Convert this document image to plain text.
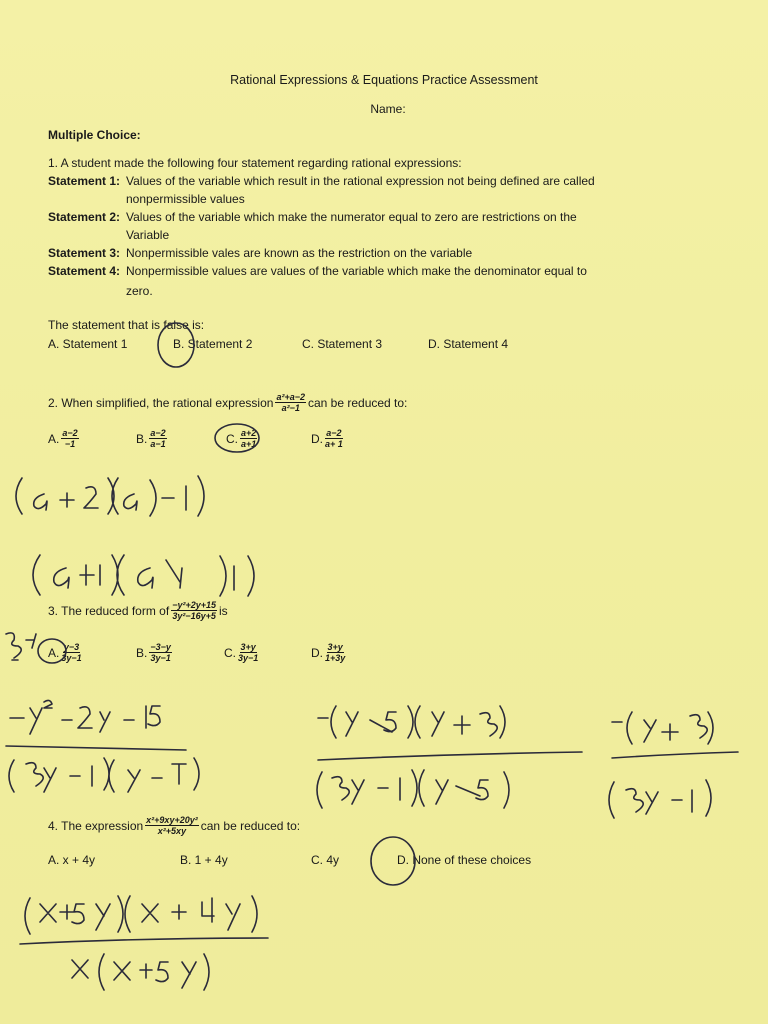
Rational Expressions & Equations Practice Assessment
Name:
Multiple Choice:
1. A student made the following four statement regarding rational expressions:
Statement 1: Values of the variable which result in the rational expression not being defined are called
nonpermissible values
Statement 2: Values of the variable which make the numerator equal to zero are restrictions on the
Variable
Statement 3: Nonpermissible vales are known as the restriction on the variable
Statement 4: Nonpermissible values are values of the variable which make the denominator equal to
zero.
The statement that is false is:
A. Statement 1	B. Statement 2	C. Statement 3	D. Statement 4
2. When simplified, the rational expression $\frac{\text{a²+a−2}}{\text{a²−1}}$ can be reduced to:
A. $\frac{a-2}{-1}$	B. $\frac{a-2}{a-1}$	C. $\frac{a+2}{a+1}$	D. $\frac{a-2}{a+ 1}$
3. The reduced form of $\frac{\text{−y²+2y+15}}{\text{3y²−16y+5}}$ is
A. $\frac{y-3}{3y-1}$	B. $\frac{-3-y}{3y-1}$	C. $\frac{3+y}{3y-1}$	D. $\frac{3+y}{1+3y}$
4. The expression $\frac{\text{x²+9xy+20y²}}{\text{x²+5xy}}$ can be reduced to:
A. x + 4y	B. 1 + 4y	C. 4y	D. None of these choices
